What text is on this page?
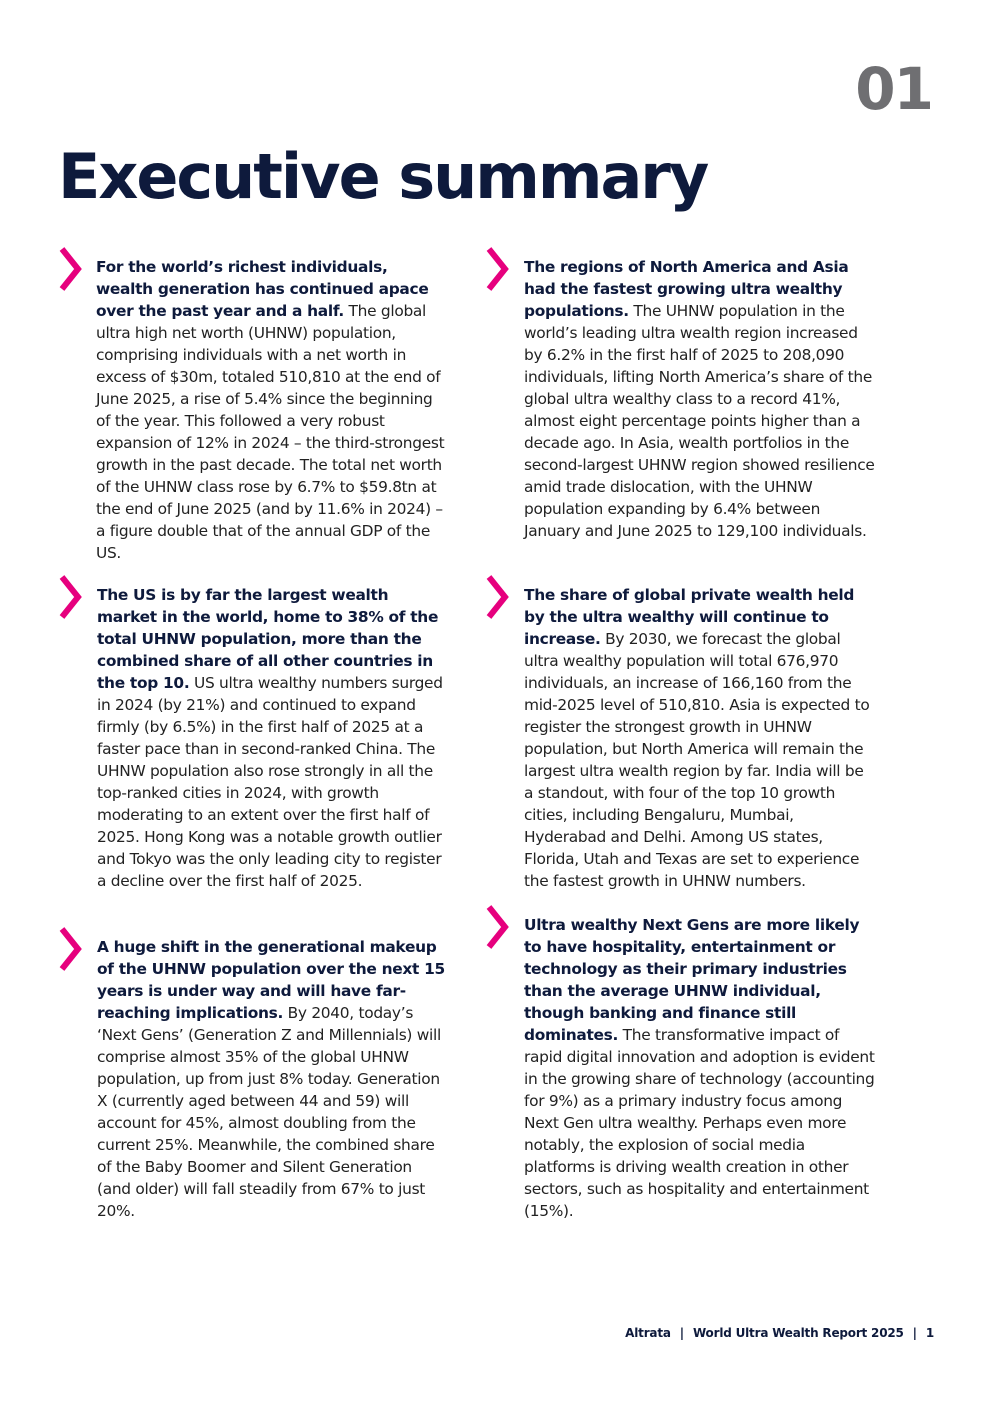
01
Executive summary

For the world’s richest individuals, wealth generation has continued apace over the past year and a half. The global ultra high net worth (UHNW) population, comprising individuals with a net worth in excess of $30m, totaled 510,810 at the end of June 2025, a rise of 5.4% since the beginning of the year. This followed a very robust expansion of 12% in 2024 – the third-strongest growth in the past decade. The total net worth of the UHNW class rose by 6.7% to $59.8tn at the end of June 2025 (and by 11.6% in 2024) – a figure double that of the annual GDP of the US.

The US is by far the largest wealth market in the world, home to 38% of the total UHNW population, more than the combined share of all other countries in the top 10. US ultra wealthy numbers surged in 2024 (by 21%) and continued to expand firmly (by 6.5%) in the first half of 2025 at a faster pace than in second-ranked China. The UHNW population also rose strongly in all the top-ranked cities in 2024, with growth moderating to an extent over the first half of 2025. Hong Kong was a notable growth outlier and Tokyo was the only leading city to register a decline over the first half of 2025.

A huge shift in the generational makeup of the UHNW population over the next 15 years is under way and will have far-reaching implications. By 2040, today’s ‘Next Gens’ (Generation Z and Millennials) will comprise almost 35% of the global UHNW population, up from just 8% today. Generation X (currently aged between 44 and 59) will account for 45%, almost doubling from the current 25%. Meanwhile, the combined share of the Baby Boomer and Silent Generation (and older) will fall steadily from 67% to just 20%.

The regions of North America and Asia had the fastest growing ultra wealthy populations. The UHNW population in the world’s leading ultra wealth region increased by 6.2% in the first half of 2025 to 208,090 individuals, lifting North America’s share of the global ultra wealthy class to a record 41%, almost eight percentage points higher than a decade ago. In Asia, wealth portfolios in the second-largest UHNW region showed resilience amid trade dislocation, with the UHNW population expanding by 6.4% between January and June 2025 to 129,100 individuals.

The share of global private wealth held by the ultra wealthy will continue to increase. By 2030, we forecast the global ultra wealthy population will total 676,970 individuals, an increase of 166,160 from the mid-2025 level of 510,810. Asia is expected to register the strongest growth in UHNW population, but North America will remain the largest ultra wealth region by far. India will be a standout, with four of the top 10 growth cities, including Bengaluru, Mumbai, Hyderabad and Delhi. Among US states, Florida, Utah and Texas are set to experience the fastest growth in UHNW numbers.

Ultra wealthy Next Gens are more likely to have hospitality, entertainment or technology as their primary industries than the average UHNW individual, though banking and finance still dominates. The transformative impact of rapid digital innovation and adoption is evident in the growing share of technology (accounting for 9%) as a primary industry focus among Next Gen ultra wealthy. Perhaps even more notably, the explosion of social media platforms is driving wealth creation in other sectors, such as hospitality and entertainment (15%).

Altrata | World Ultra Wealth Report 2025 | 1
